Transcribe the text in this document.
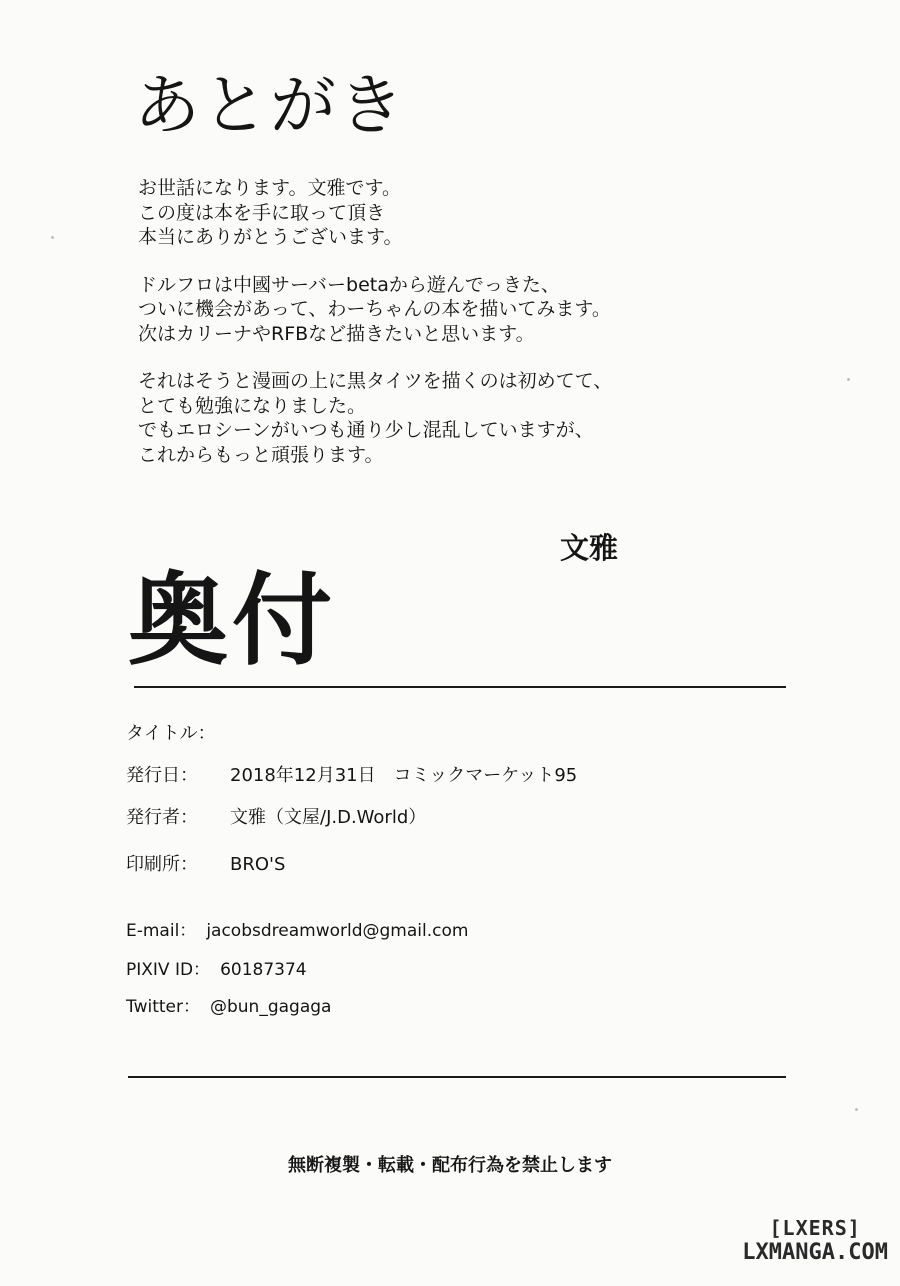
あとがき

お世話になります。文雅です。
この度は本を手に取って頂き
本当にありがとうございます。

ドルフロは中國サーバーbetaから遊んでっきた、
ついに機会があって、わーちゃんの本を描いてみます。
次はカリーナやRFBなど描きたいと思います。

それはそうと漫画の上に黒タイツを描くのは初めてて、
とても勉強になりました。
でもエロシーンがいつも通り少し混乱していますが、
これからもっと頑張ります。

文雅
奥付
タイトル：
発行日： 2018年12月31日　コミックマーケット95
発行者： 文雅（文屋/J.D.World）
印刷所： BRO'S
E-mail： jacobsdreamworld@gmail.com
PIXIV ID： 60187374
Twitter： @bun_gagaga
無断複製・転載・配布行為を禁止します
[LXERS]
LXMANGA.COM
